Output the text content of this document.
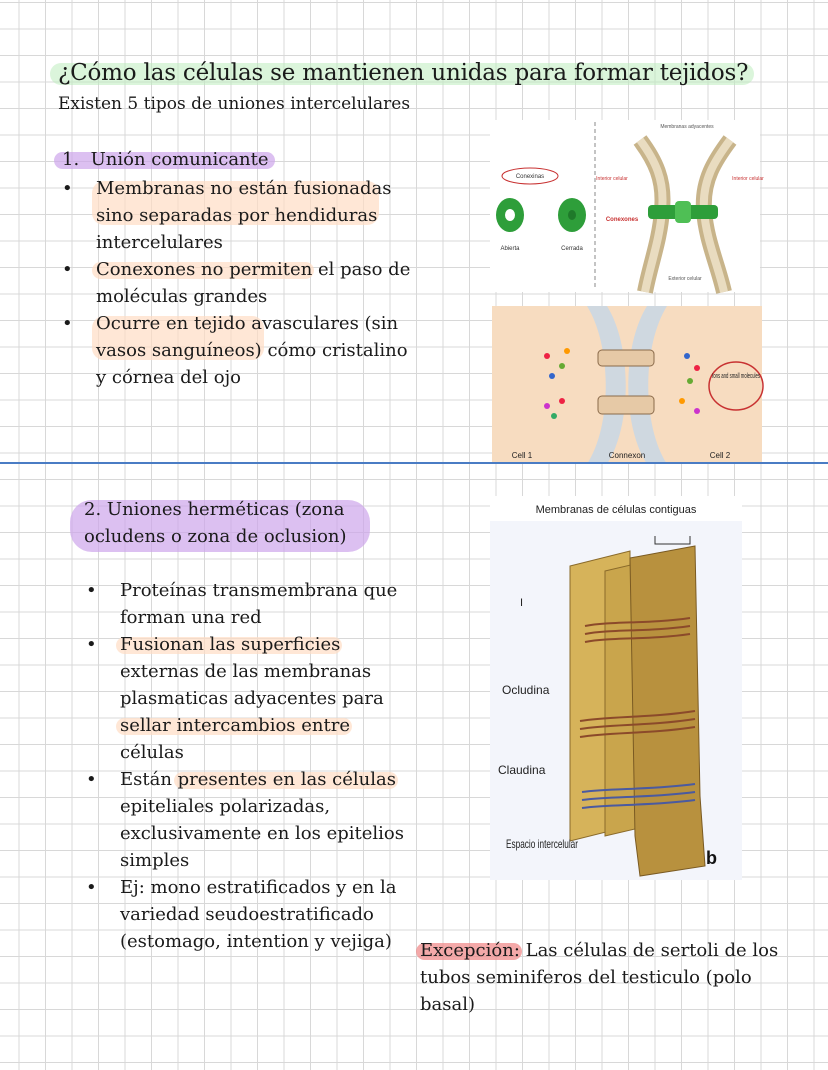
¿Cómo las células se mantienen unidas para formar tejidos?
Existen 5 tipos de uniones intercelulares
1. Unión comunicante
• Membranas no están fusionadas sino separadas por hendiduras intercelulares
• Conexones no permiten el paso de moléculas grandes
• Ocurre en tejido avasculares (sin vasos sanguíneos) cómo cristalino y córnea del ojo
Conexinas
Abierta	Cerrada
Membranas adyacentes
Interior celular	Interior celular
Conexones
Exterior celular
Ions and small molecules
Cell 1	Connexon	Cell 2
2. Uniones herméticas (zona ocludens o zona de oclusion)
• Proteínas transmembrana que forman una red
• Fusionan las superficies externas de las membranas plasmaticas adyacentes para sellar intercambios entre células
• Están presentes en las células epiteliales polarizadas, exclusivamente en los epitelios simples
• Ej: mono estratificados y en la variedad seudoestratificado (estomago, intention y vejiga)
Membranas de células contiguas
I
Ocludina
Claudina
Espacio intercelular
b
Excepción: Las células de sertoli de los tubos seminiferos del testiculo (polo basal)
